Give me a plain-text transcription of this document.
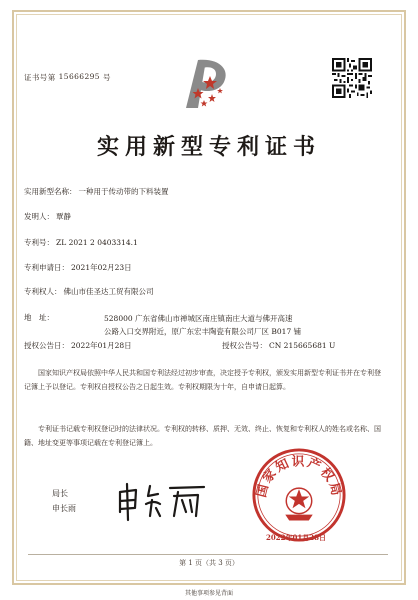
证书号第 15666295 号
实用新型专利证书
实用新型名称： 一种用于传动带的下料装置
发明人： 覃静
专利号： ZL 2021 2 0403314.1
专利申请日： 2021年02月23日
专利权人： 佛山市佳圣达工贸有限公司
地　址：	528000 广东省佛山市禅城区南庄镇南庄大道与佛开高速
公路入口交界附近，原广东宏丰陶瓷有限公司厂区 B017 铺
授权公告日： 2022年01月28日	授权公告号： CN 215665681 U
国家知识产权局依照中华人民共和国专利法经过初步审查，决定授予专利权，颁发实用新型专利证书并在专利登记簿上予以登记。专利权自授权公告之日起生效。专利权期限为十年，自申请日起算。
专利证书记载专利权登记时的法律状况。专利权的转移、质押、无效、终止、恢复和专利权人的姓名或名称、国籍、地址变更等事项记载在专利登记簿上。
局长
申长雨
国家知识产权局
2022年01月28日
第 1 页（共 3 页）
其他事项参见背面
